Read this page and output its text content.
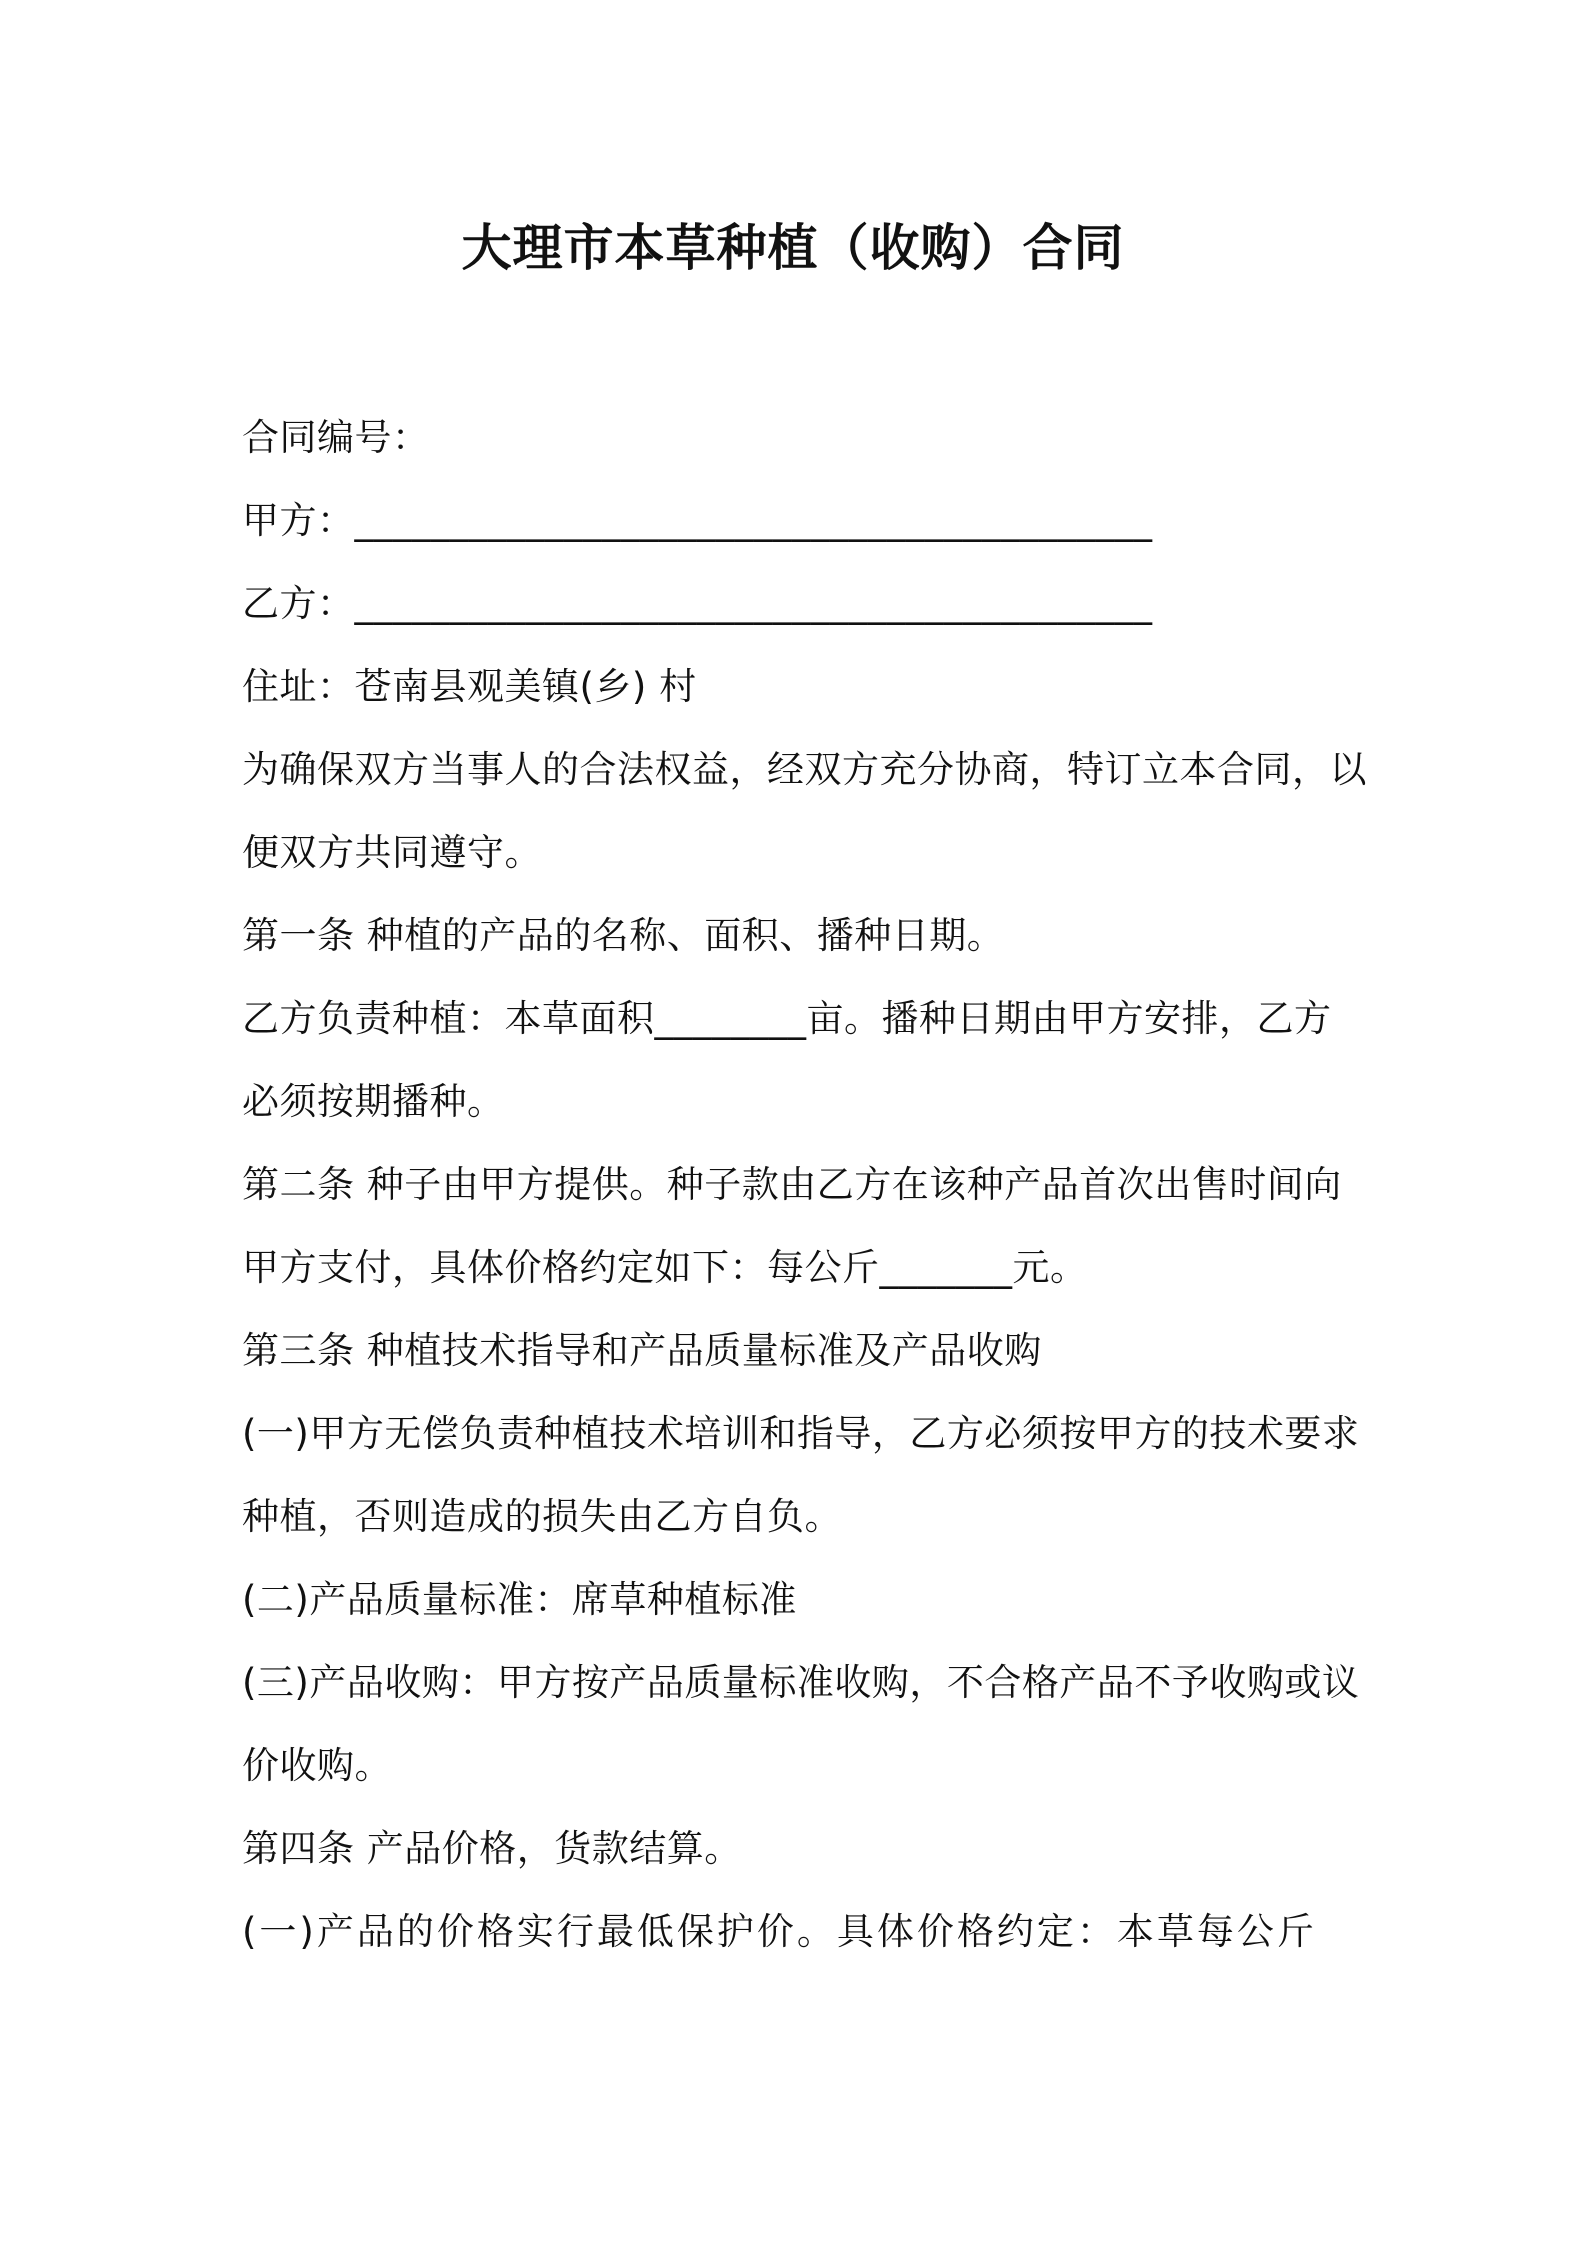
大理市本草种植（收购）合同
合同编号：
甲方：__________________________________________
乙方：__________________________________________
住址：苍南县观美镇(乡) 村
为确保双方当事人的合法权益，经双方充分协商，特订立本合同，以
便双方共同遵守。
第一条 种植的产品的名称、面积、播种日期。
乙方负责种植：本草面积________亩。播种日期由甲方安排，乙方
必须按期播种。
第二条 种子由甲方提供。种子款由乙方在该种产品首次出售时间向
甲方支付，具体价格约定如下：每公斤_______元。
第三条 种植技术指导和产品质量标准及产品收购
(一)甲方无偿负责种植技术培训和指导，乙方必须按甲方的技术要求
种植，否则造成的损失由乙方自负。
(二)产品质量标准：席草种植标准
(三)产品收购：甲方按产品质量标准收购，不合格产品不予收购或议
价收购。
第四条 产品价格，货款结算。
(一)产品的价格实行最低保护价。具体价格约定：本草每公斤
